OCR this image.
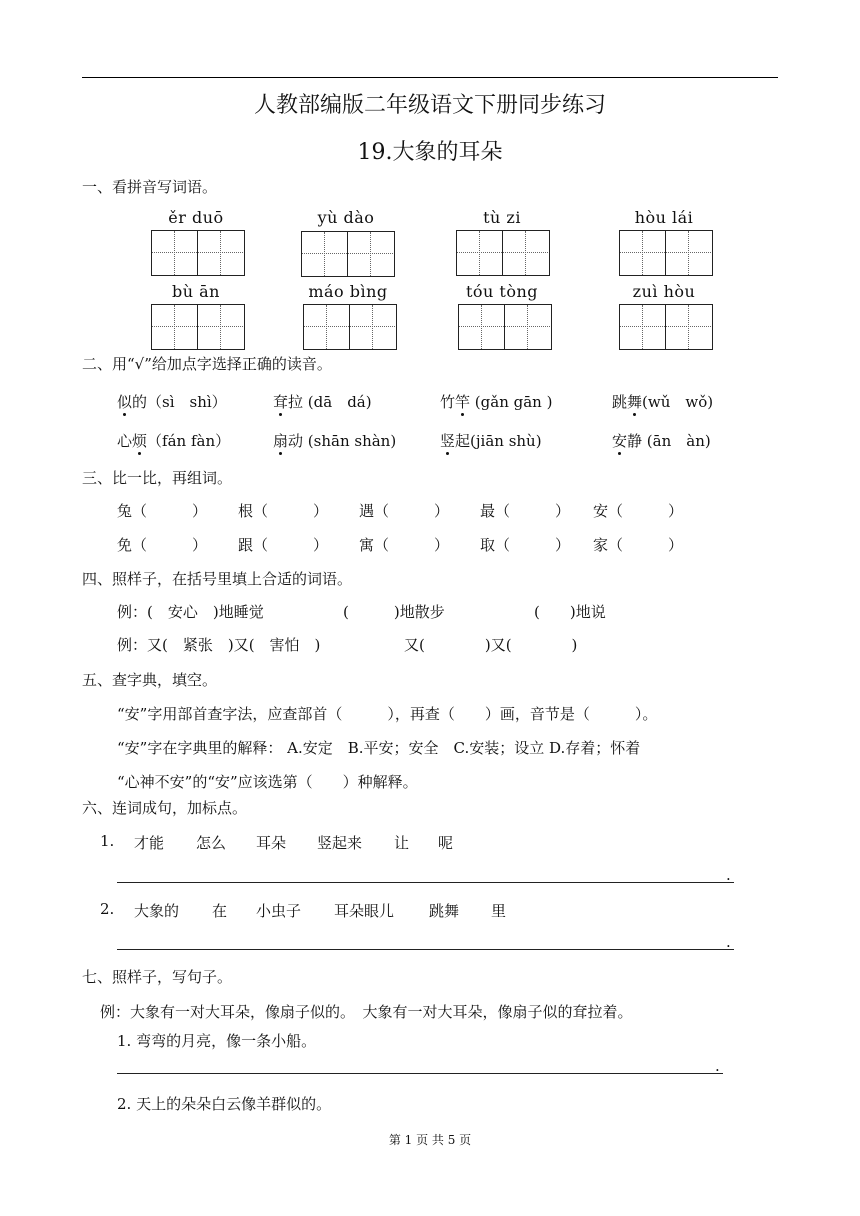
人教部编版二年级语文下册同步练习
19.大象的耳朵
一、看拼音写词语。
ěr duō	yù dào	tù zi	hòu lái
bù ān	máo bìng	tóu tòng	zuì hòu
二、用“√”给加点字选择正确的读音。
似的（sì　shì）	耷拉 (dā　dá)	竹竿 (gǎn gān )	跳舞(wǔ　wǒ)
心烦（fán fàn）	扇动 (shān shàn)	竖起(jiān shù)	安静 (ān　àn)
三、比一比，再组词。
兔（　　　） 根（　　　） 遇（　　　） 最（　　　） 安（　　　）
免（　　　） 跟（　　　） 寓（　　　） 取（　　　） 家（　　　）
四、照样子，在括号里填上合适的词语。
例：(　安心　)地睡觉	(　　　)地散步	(　　)地说
例：又(　紧张　)又(　害怕　)	又(　　　　)又(　　　　)
五、查字典，填空。
“安”字用部首查字法，应查部首（　　　），再查（　　）画，音节是（　　　）。
“安”字在字典里的解释： A.安定　B.平安；安全　C.安装；设立 D.存着；怀着
“心神不安”的“安”应该选第（　　）种解释。
六、连词成句，加标点。
1. 才能 怎么 耳朵 竖起来 让 呢
.
2. 大象的 在 小虫子 耳朵眼儿 跳舞 里
.
七、照样子，写句子。
例：大象有一对大耳朵，像扇子似的。　大象有一对大耳朵，像扇子似的耷拉着。
1. 弯弯的月亮，像一条小船。
.
2. 天上的朵朵白云像羊群似的。
第 1 页 共 5 页
